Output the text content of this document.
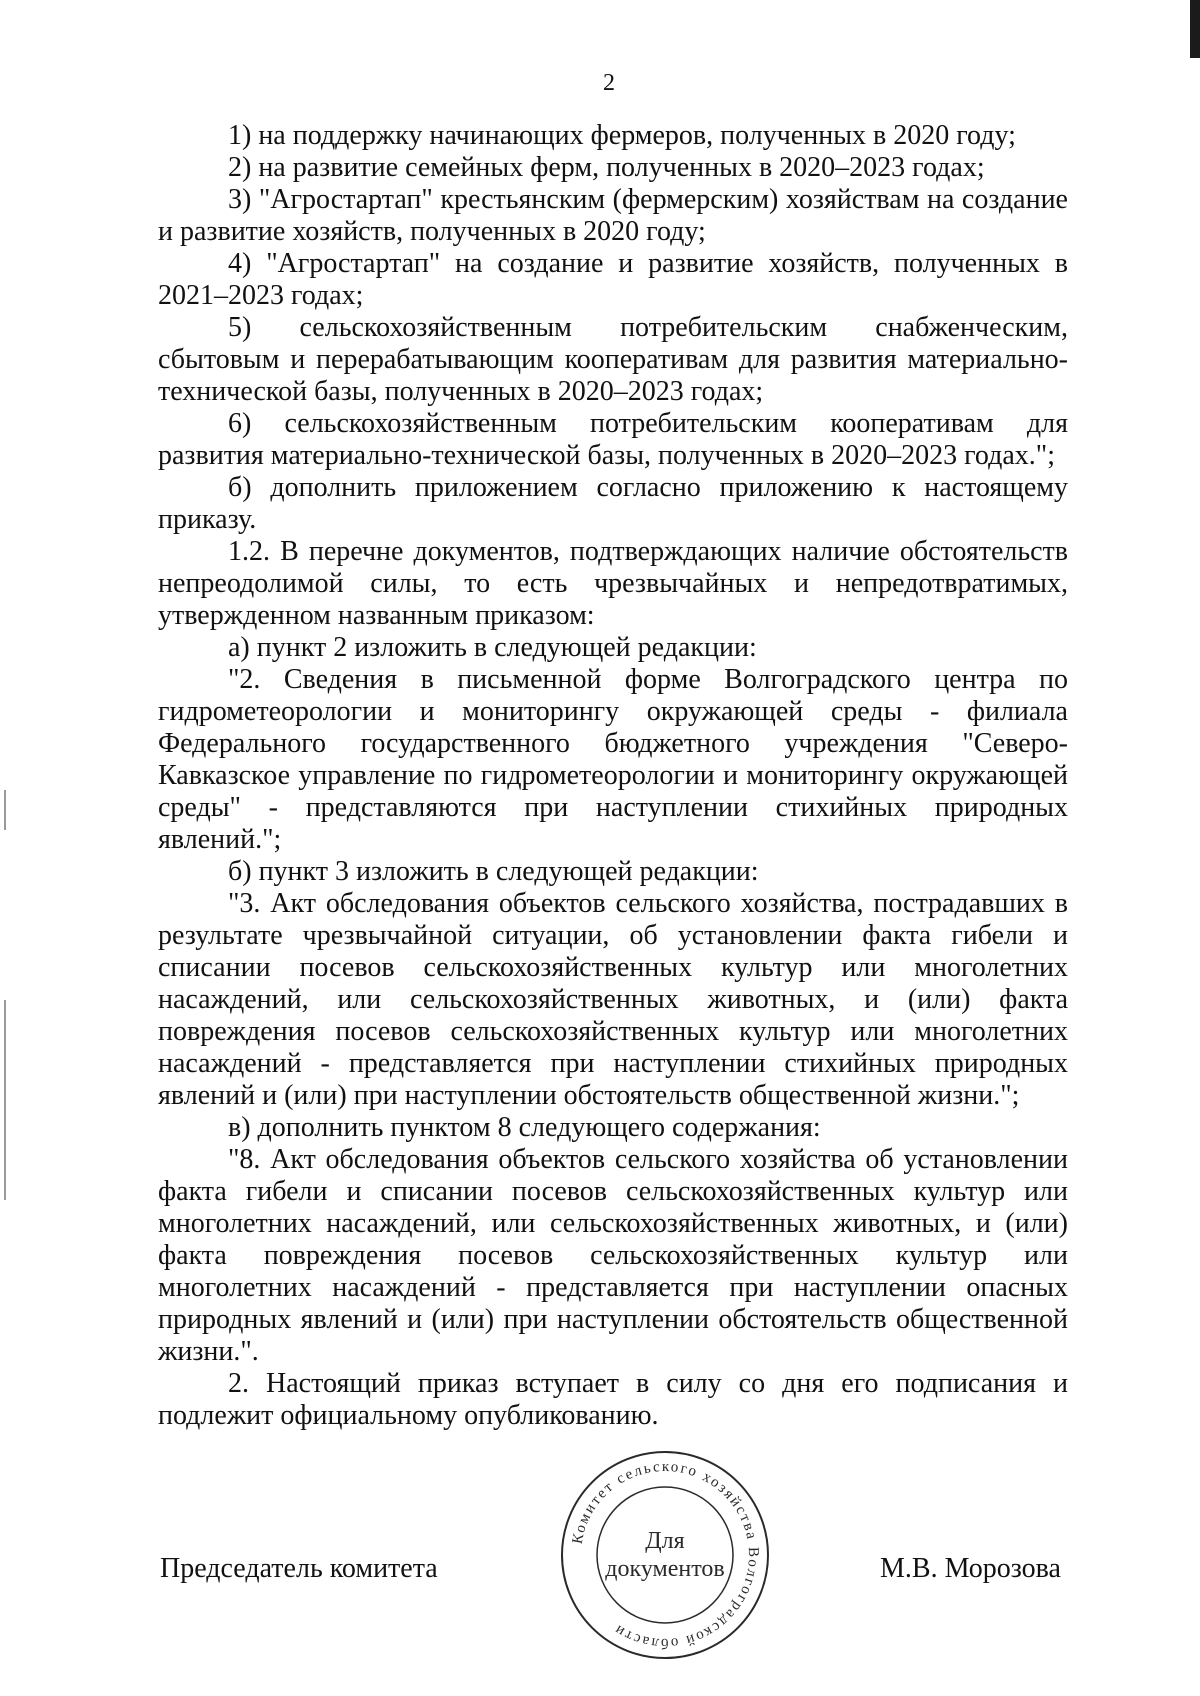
2

1) на поддержку начинающих фермеров, полученных в 2020 году;

2) на развитие семейных ферм, полученных в 2020–2023 годах;

3) "Агростартап" крестьянским (фермерским) хозяйствам на создание и развитие хозяйств, полученных в 2020 году;

4) "Агростартап" на создание и развитие хозяйств, полученных в 2021–2023 годах;

5) сельскохозяйственным потребительским снабженческим, сбытовым и перерабатывающим кооперативам для развития материально-технической базы, полученных в 2020–2023 годах;

6) сельскохозяйственным потребительским кооперативам для развития материально-технической базы, полученных в 2020–2023 годах.";

б) дополнить приложением согласно приложению к настоящему приказу.

1.2. В перечне документов, подтверждающих наличие обстоятельств непреодолимой силы, то есть чрезвычайных и непредотвратимых, утвержденном названным приказом:

а) пункт 2 изложить в следующей редакции:

"2. Сведения в письменной форме Волгоградского центра по гидрометеорологии и мониторингу окружающей среды - филиала Федерального государственного бюджетного учреждения "Северо-Кавказское управление по гидрометеорологии и мониторингу окружающей среды" - представляются при наступлении стихийных природных явлений.";

б) пункт 3 изложить в следующей редакции:

"3. Акт обследования объектов сельского хозяйства, пострадавших в результате чрезвычайной ситуации, об установлении факта гибели и списании посевов сельскохозяйственных культур или многолетних насаждений, или сельскохозяйственных животных, и (или) факта повреждения посевов сельскохозяйственных культур или многолетних насаждений - представляется при наступлении стихийных природных явлений и (или) при наступлении обстоятельств общественной жизни.";

в) дополнить пунктом 8 следующего содержания:

"8. Акт обследования объектов сельского хозяйства об установлении факта гибели и списании посевов сельскохозяйственных культур или многолетних насаждений, или сельскохозяйственных животных, и (или) факта повреждения посевов сельскохозяйственных культур или многолетних насаждений - представляется при наступлении опасных природных явлений и (или) при наступлении обстоятельств общественной жизни.".

2. Настоящий приказ вступает в силу со дня его подписания и подлежит официальному опубликованию.

Председатель комитета	М.В. Морозова
Комитет сельского хозяйства Волгоградской области
Для
документов
